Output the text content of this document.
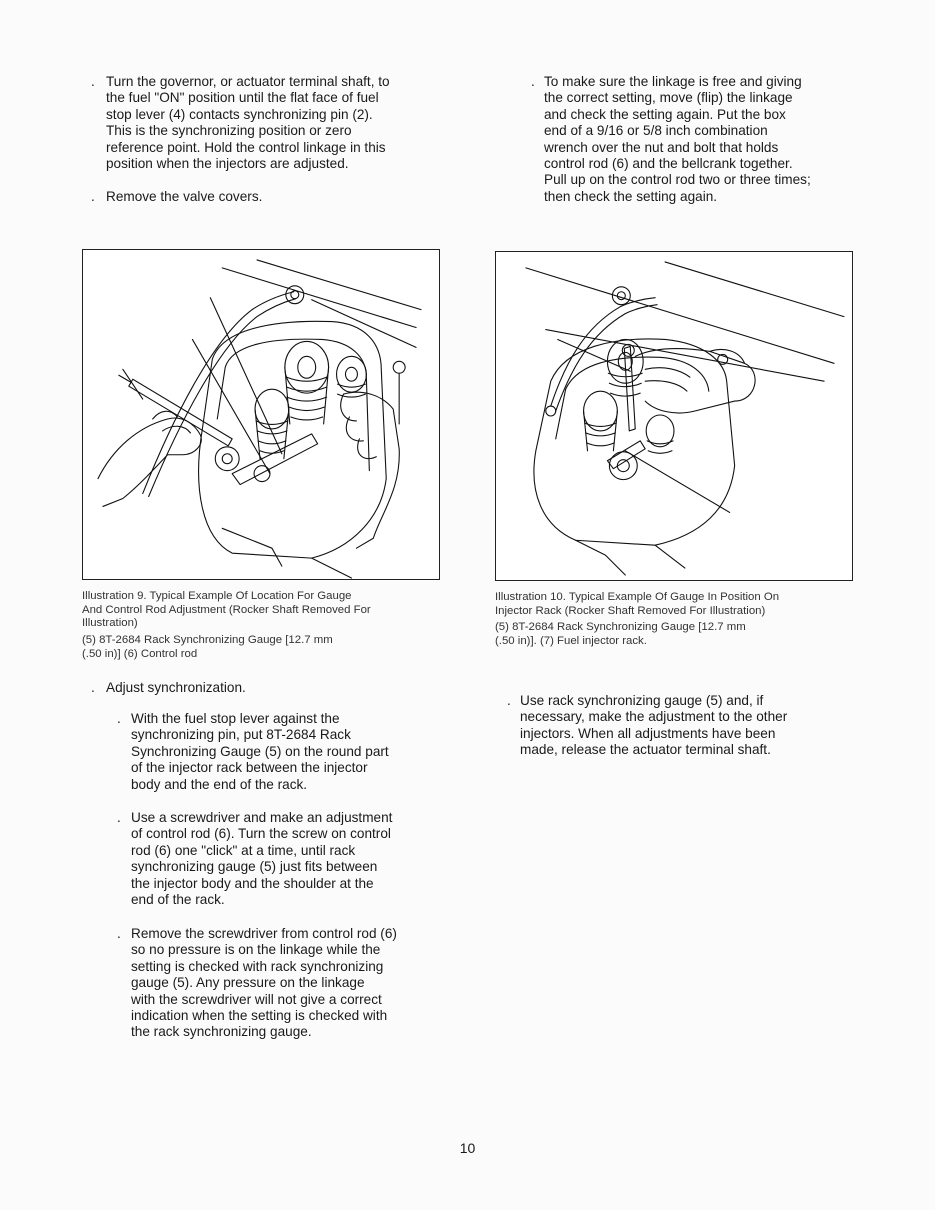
. Turn the governor, or actuator terminal shaft, to
the fuel "ON" position until the flat face of fuel
stop lever (4) contacts synchronizing pin (2).
This is the synchronizing position or zero
reference point. Hold the control linkage in this
position when the injectors are adjusted.

. Remove the valve covers.

. To make sure the linkage is free and giving
the correct setting, move (flip) the linkage
and check the setting again. Put the box
end of a 9/16 or 5/8 inch combination
wrench over the nut and bolt that holds
control rod (6) and the bellcrank together.
Pull up on the control rod two or three times;
then check the setting again.

Illustration 9. Typical Example Of Location For Gauge
And Control Rod Adjustment (Rocker Shaft Removed For
Illustration)

(5) 8T-2684 Rack Synchronizing Gauge [12.7 mm
(.50 in)] (6) Control rod

Illustration 10. Typical Example Of Gauge In Position On
Injector Rack (Rocker Shaft Removed For Illustration)

(5) 8T-2684 Rack Synchronizing Gauge [12.7 mm
(.50 in)]. (7) Fuel injector rack.

. Adjust synchronization.

. With the fuel stop lever against the
synchronizing pin, put 8T-2684 Rack
Synchronizing Gauge (5) on the round part
of the injector rack between the injector
body and the end of the rack.

. Use a screwdriver and make an adjustment
of control rod (6). Turn the screw on control
rod (6) one "click" at a time, until rack
synchronizing gauge (5) just fits between
the injector body and the shoulder at the
end of the rack.

. Remove the screwdriver from control rod (6)
so no pressure is on the linkage while the
setting is checked with rack synchronizing
gauge (5). Any pressure on the linkage
with the screwdriver will not give a correct
indication when the setting is checked with
the rack synchronizing gauge.

. Use rack synchronizing gauge (5) and, if
necessary, make the adjustment to the other
injectors. When all adjustments have been
made, release the actuator terminal shaft.

10
